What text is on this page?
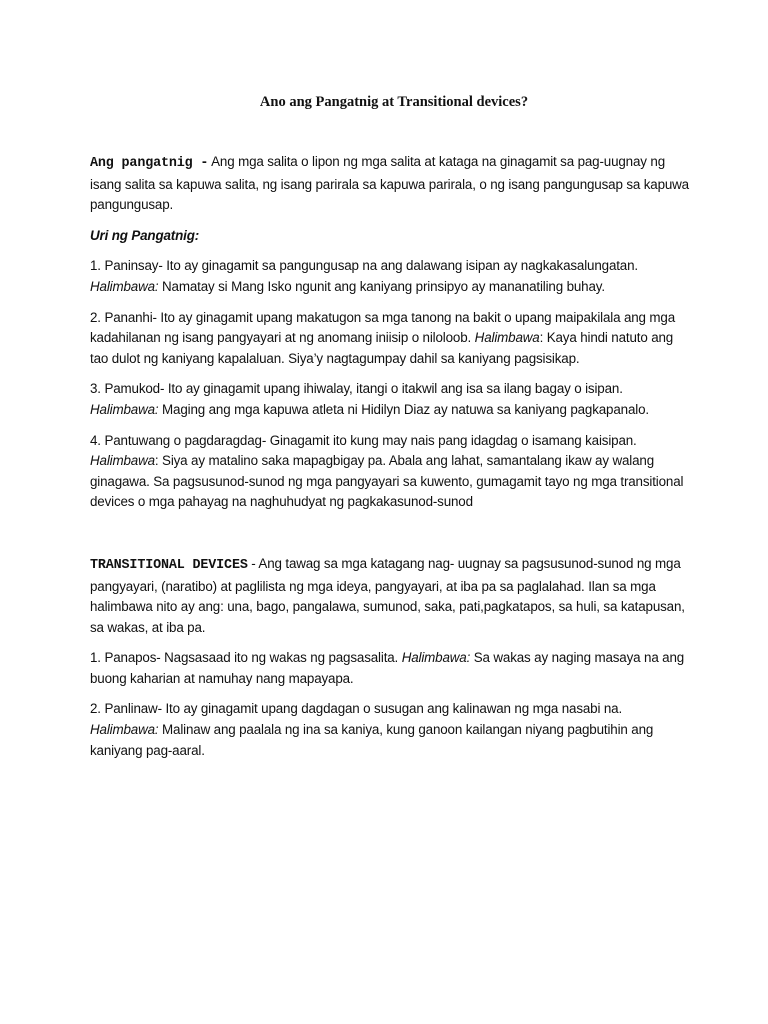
Ano ang Pangatnig at Transitional devices?

Ang pangatnig - Ang mga salita o lipon ng mga salita at kataga na ginagamit sa pag-uugnay ng isang salita sa kapuwa salita, ng isang parirala sa kapuwa parirala, o ng isang pangungusap sa kapuwa pangungusap.

Uri ng Pangatnig:

1. Paninsay- Ito ay ginagamit sa pangungusap na ang dalawang isipan ay nagkakasalungatan.
Halimbawa: Namatay si Mang Isko ngunit ang kaniyang prinsipyo ay mananatiling buhay.

2. Pananhi- Ito ay ginagamit upang makatugon sa mga tanong na bakit o upang maipakilala ang mga kadahilanan ng isang pangyayari at ng anomang iniisip o niloloob. Halimbawa: Kaya hindi natuto ang tao dulot ng kaniyang kapalaluan. Siya’y nagtagumpay dahil sa kaniyang pagsisikap.

3. Pamukod- Ito ay ginagamit upang ihiwalay, itangi o itakwil ang isa sa ilang bagay o isipan.
Halimbawa: Maging ang mga kapuwa atleta ni Hidilyn Diaz ay natuwa sa kaniyang pagkapanalo.

4. Pantuwang o pagdaragdag- Ginagamit ito kung may nais pang idagdag o isamang kaisipan.
Halimbawa: Siya ay matalino saka mapagbigay pa. Abala ang lahat, samantalang ikaw ay walang ginagawa. Sa pagsusunod-sunod ng mga pangyayari sa kuwento, gumagamit tayo ng mga transitional devices o mga pahayag na naghuhudyat ng pagkakasunod-sunod

TRANSITIONAL DEVICES - Ang tawag sa mga katagang nag- uugnay sa pagsusunod-sunod ng mga pangyayari, (naratibo) at paglilista ng mga ideya, pangyayari, at iba pa sa paglalahad. Ilan sa mga halimbawa nito ay ang: una, bago, pangalawa, sumunod, saka, pati,pagkatapos, sa huli, sa katapusan, sa wakas, at iba pa.

1. Panapos- Nagsasaad ito ng wakas ng pagsasalita. Halimbawa: Sa wakas ay naging masaya na ang buong kaharian at namuhay nang mapayapa.

2. Panlinaw- Ito ay ginagamit upang dagdagan o susugan ang kalinawan ng mga nasabi na.
Halimbawa: Malinaw ang paalala ng ina sa kaniya, kung ganoon kailangan niyang pagbutihin ang kaniyang pag-aaral.
